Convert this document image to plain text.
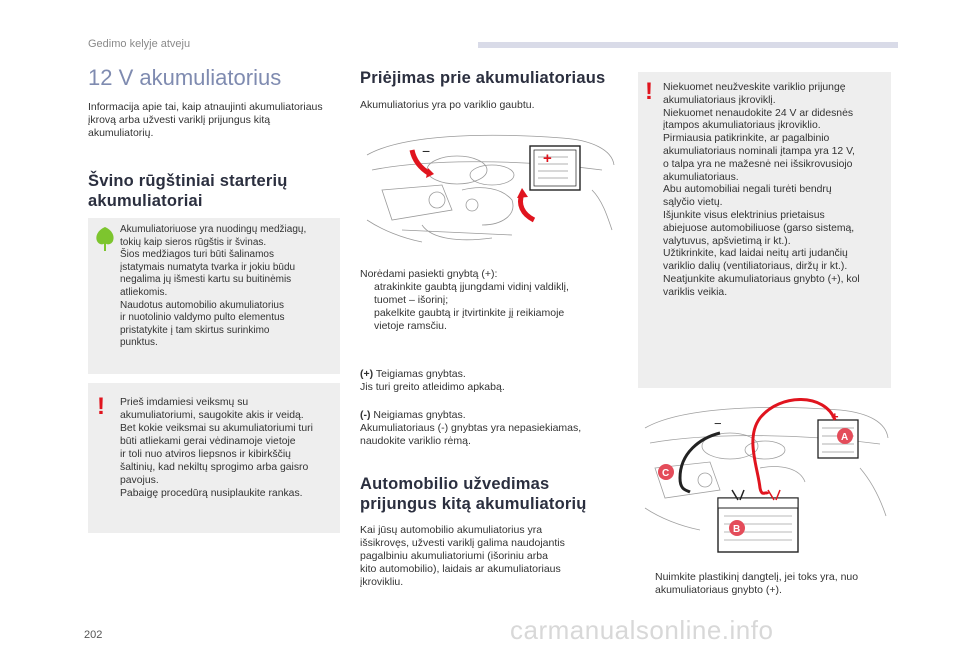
Gedimo kelyje atveju
12 V akumuliatorius
Informacija apie tai, kaip atnaujinti akumuliatoriaus įkrovą arba užvesti variklį prijungus kitą akumuliatorių.
Švino rūgštiniai starterių akumuliatoriai
Akumuliatoriuose yra nuodingų medžiagų,
tokių kaip sieros rūgštis ir švinas.
Šios medžiagos turi būti šalinamos
įstatymais numatyta tvarka ir jokiu būdu
negalima jų išmesti kartu su buitinėmis
atliekomis.
Naudotus automobilio akumuliatorius
ir nuotolinio valdymo pulto elementus
pristatykite į tam skirtus surinkimo
punktus.
! Prieš imdamiesi veiksmų su
akumuliatoriumi, saugokite akis ir veidą.
Bet kokie veiksmai su akumuliatoriumi turi
būti atliekami gerai vėdinamoje vietoje
ir toli nuo atviros liepsnos ir kibirkščių
šaltinių, kad nekiltų sprogimo arba gaisro
pavojus.
Pabaigę procedūrą nusiplaukite rankas.
Priėjimas prie akumuliatoriaus
Akumuliatorius yra po variklio gaubtu.
+
−
Norėdami pasiekti gnybtą (+):
atrakinkite gaubtą įjungdami vidinį valdiklį,
tuomet – išorinį;
pakelkite gaubtą ir įtvirtinkite jį reikiamoje
vietoje ramsčiu.
(+) Teigiamas gnybtas.
Jis turi greito atleidimo apkabą.
(-) Neigiamas gnybtas.
Akumuliatoriaus (-) gnybtas yra nepasiekiamas,
naudokite variklio rėmą.
Automobilio užvedimas prijungus kitą akumuliatorių
Kai jūsų automobilio akumuliatorius yra
išsikrovęs, užvesti variklį galima naudojantis
pagalbiniu akumuliatoriumi (išoriniu arba
kito automobilio), laidais ar akumuliatoriaus
įkrovikliu.
! Niekuomet neužveskite variklio prijungę
akumuliatoriaus įkroviklį.
Niekuomet nenaudokite 24 V ar didesnės
įtampos akumuliatoriaus įkroviklio.
Pirmiausia patikrinkite, ar pagalbinio
akumuliatoriaus nominali įtampa yra 12 V,
o talpa yra ne mažesnė nei išsikrovusiojo
akumuliatoriaus.
Abu automobiliai negali turėti bendrų
sąlyčio vietų.
Išjunkite visus elektrinius prietaisus
abiejuose automobiliuose (garso sistemą,
valytuvus, apšvietimą ir kt.).
Užtikrinkite, kad laidai neitų arti judančių
variklio dalių (ventiliatoriaus, diržų ir kt.).
Neatjunkite akumuliatoriaus gnybto (+), kol
variklis veikia.
+
−
A
B
C
Nuimkite plastikinį dangtelį, jei toks yra, nuo
akumuliatoriaus gnybto (+).
202	carmanualsonline.info
